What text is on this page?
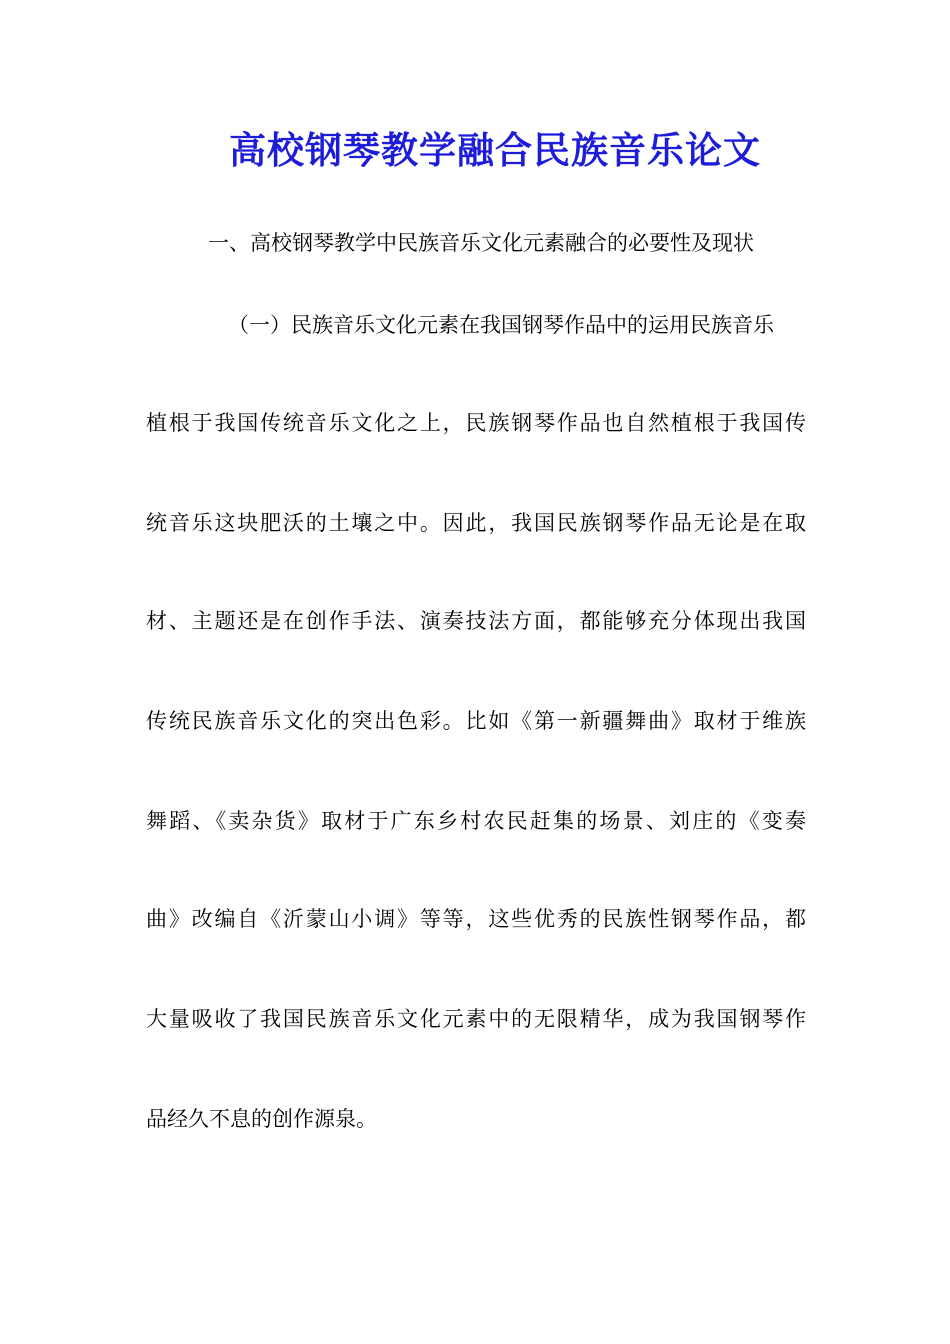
高校钢琴教学融合民族音乐论文
一、高校钢琴教学中民族音乐文化元素融合的必要性及现状
（一）民族音乐文化元素在我国钢琴作品中的运用民族音乐
植根于我国传统音乐文化之上，民族钢琴作品也自然植根于我国传
统音乐这块肥沃的土壤之中。因此，我国民族钢琴作品无论是在取
材、主题还是在创作手法、演奏技法方面，都能够充分体现出我国
传统民族音乐文化的突出色彩。比如《第一新疆舞曲》取材于维族
舞蹈、《卖杂货》取材于广东乡村农民赶集的场景、刘庄的《变奏
曲》改编自《沂蒙山小调》等等，这些优秀的民族性钢琴作品，都
大量吸收了我国民族音乐文化元素中的无限精华，成为我国钢琴作
品经久不息的创作源泉。
